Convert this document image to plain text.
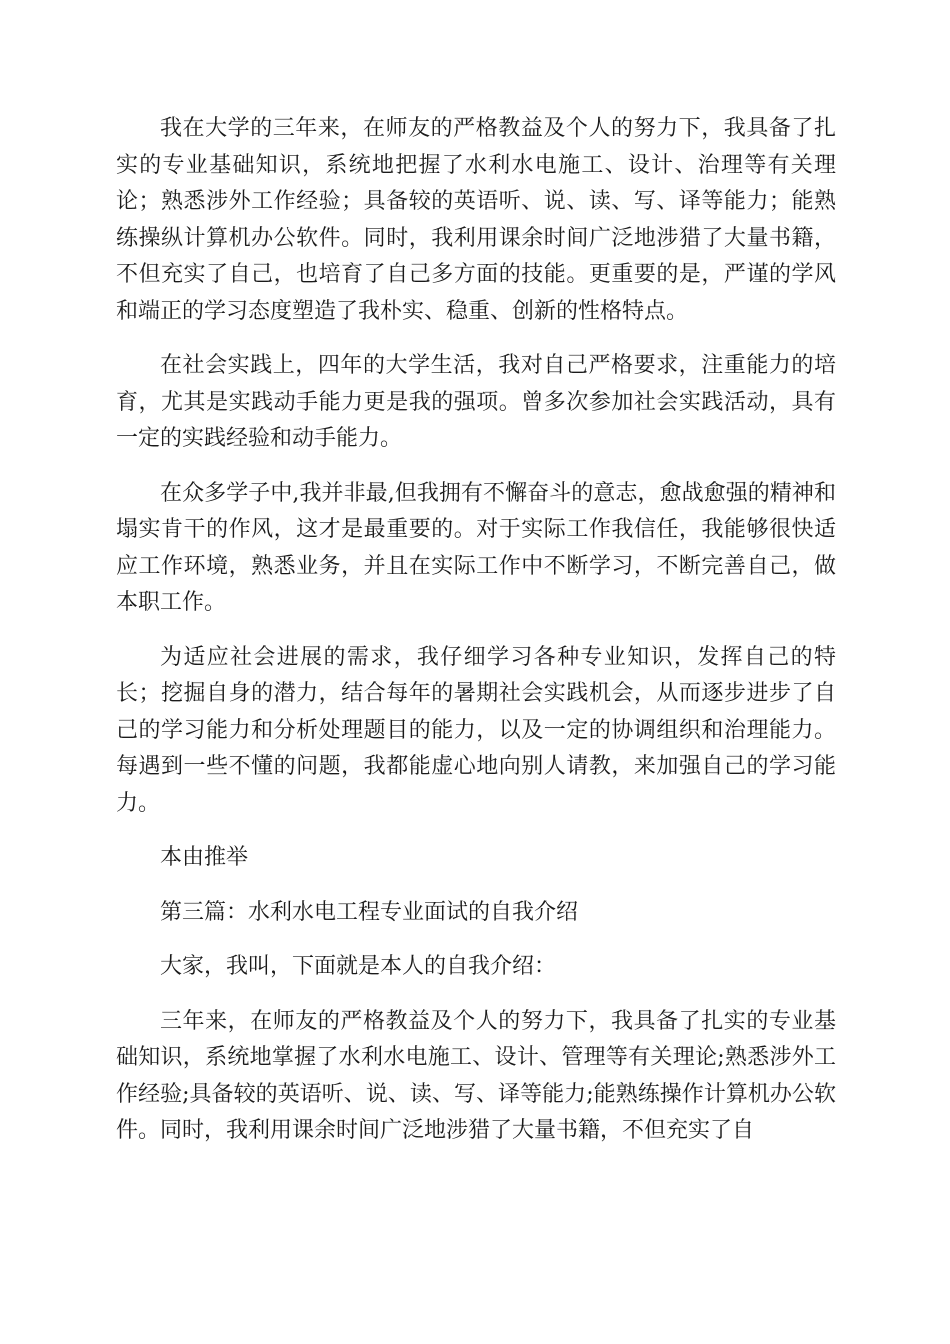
我在大学的三年来，在师友的严格教益及个人的努力下，我具备了扎实的专业基础知识，系统地把握了水利水电施工、设计、治理等有关理论；熟悉涉外工作经验；具备较的英语听、说、读、写、译等能力；能熟练操纵计算机办公软件。同时，我利用课余时间广泛地涉猎了大量书籍，不但充实了自己，也培育了自己多方面的技能。更重要的是，严谨的学风和端正的学习态度塑造了我朴实、稳重、创新的性格特点。

在社会实践上，四年的大学生活，我对自己严格要求，注重能力的培育，尤其是实践动手能力更是我的强项。曾多次参加社会实践活动，具有一定的实践经验和动手能力。

在众多学子中,我并非最,但我拥有不懈奋斗的意志，愈战愈强的精神和塌实肯干的作风，这才是最重要的。对于实际工作我信任，我能够很快适应工作环境，熟悉业务，并且在实际工作中不断学习，不断完善自己，做本职工作。

为适应社会进展的需求，我仔细学习各种专业知识，发挥自己的特长；挖掘自身的潜力，结合每年的暑期社会实践机会，从而逐步进步了自己的学习能力和分析处理题目的能力，以及一定的协调组织和治理能力。每遇到一些不懂的问题，我都能虚心地向别人请教，来加强自己的学习能力。

本由推举

第三篇：水利水电工程专业面试的自我介绍

大家，我叫，下面就是本人的自我介绍：

三年来，在师友的严格教益及个人的努力下，我具备了扎实的专业基础知识，系统地掌握了水利水电施工、设计、管理等有关理论;熟悉涉外工作经验;具备较的英语听、说、读、写、译等能力;能熟练操作计算机办公软件。同时，我利用课余时间广泛地涉猎了大量书籍，不但充实了自
